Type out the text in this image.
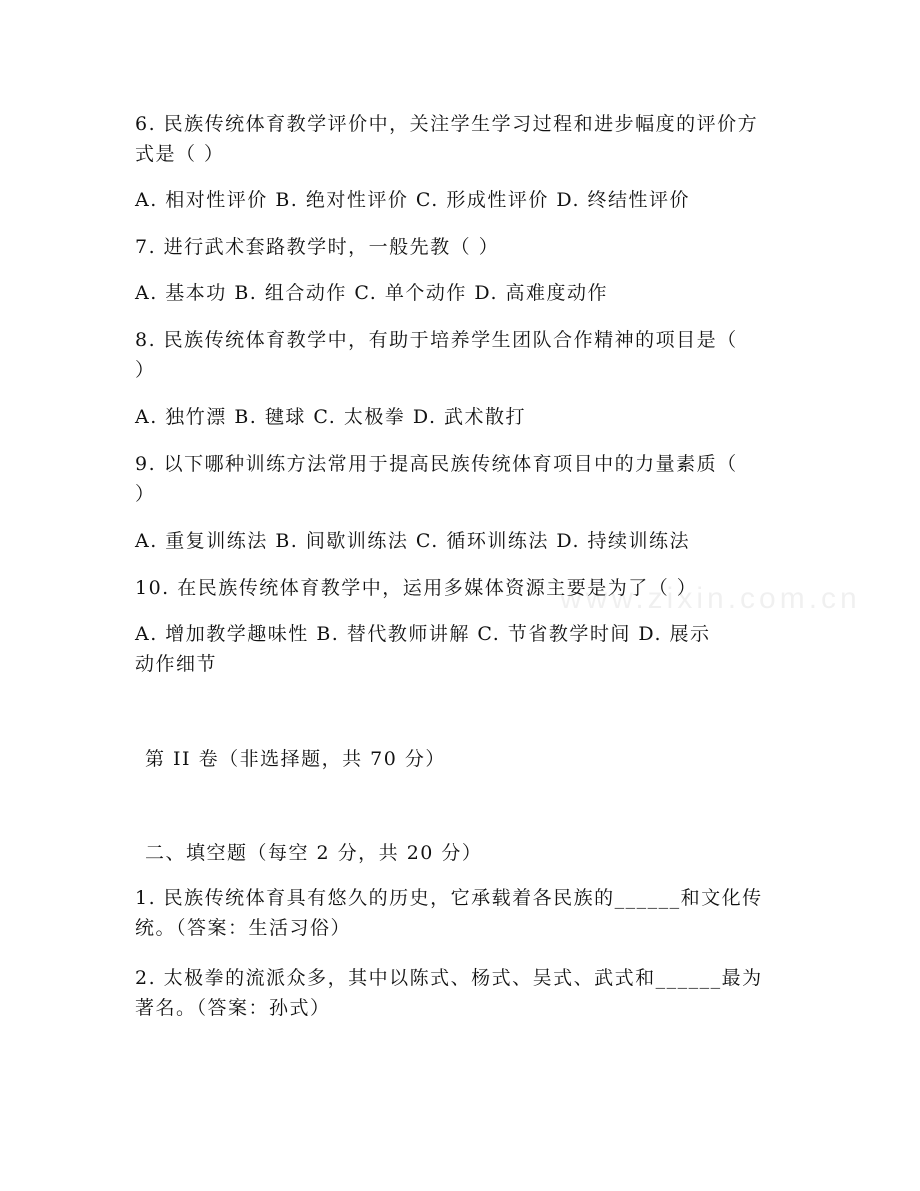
www.zixin.com.cn
6. 民族传统体育教学评价中，关注学生学习过程和进步幅度的评价方
式是（ ）
A. 相对性评价 B. 绝对性评价 C. 形成性评价 D. 终结性评价
7. 进行武术套路教学时，一般先教（ ）
A. 基本功 B. 组合动作 C. 单个动作 D. 高难度动作
8. 民族传统体育教学中，有助于培养学生团队合作精神的项目是（
）
A. 独竹漂 B. 毽球 C. 太极拳 D. 武术散打
9. 以下哪种训练方法常用于提高民族传统体育项目中的力量素质（
）
A. 重复训练法 B. 间歇训练法 C. 循环训练法 D. 持续训练法
10. 在民族传统体育教学中，运用多媒体资源主要是为了（ ）
A. 增加教学趣味性 B. 替代教师讲解 C. 节省教学时间 D. 展示
动作细节
第 II 卷（非选择题，共 70 分）
二、填空题（每空 2 分，共 20 分）
1. 民族传统体育具有悠久的历史，它承载着各民族的______和文化传
统。（答案：生活习俗）
2. 太极拳的流派众多，其中以陈式、杨式、吴式、武式和______最为
著名。（答案：孙式）
